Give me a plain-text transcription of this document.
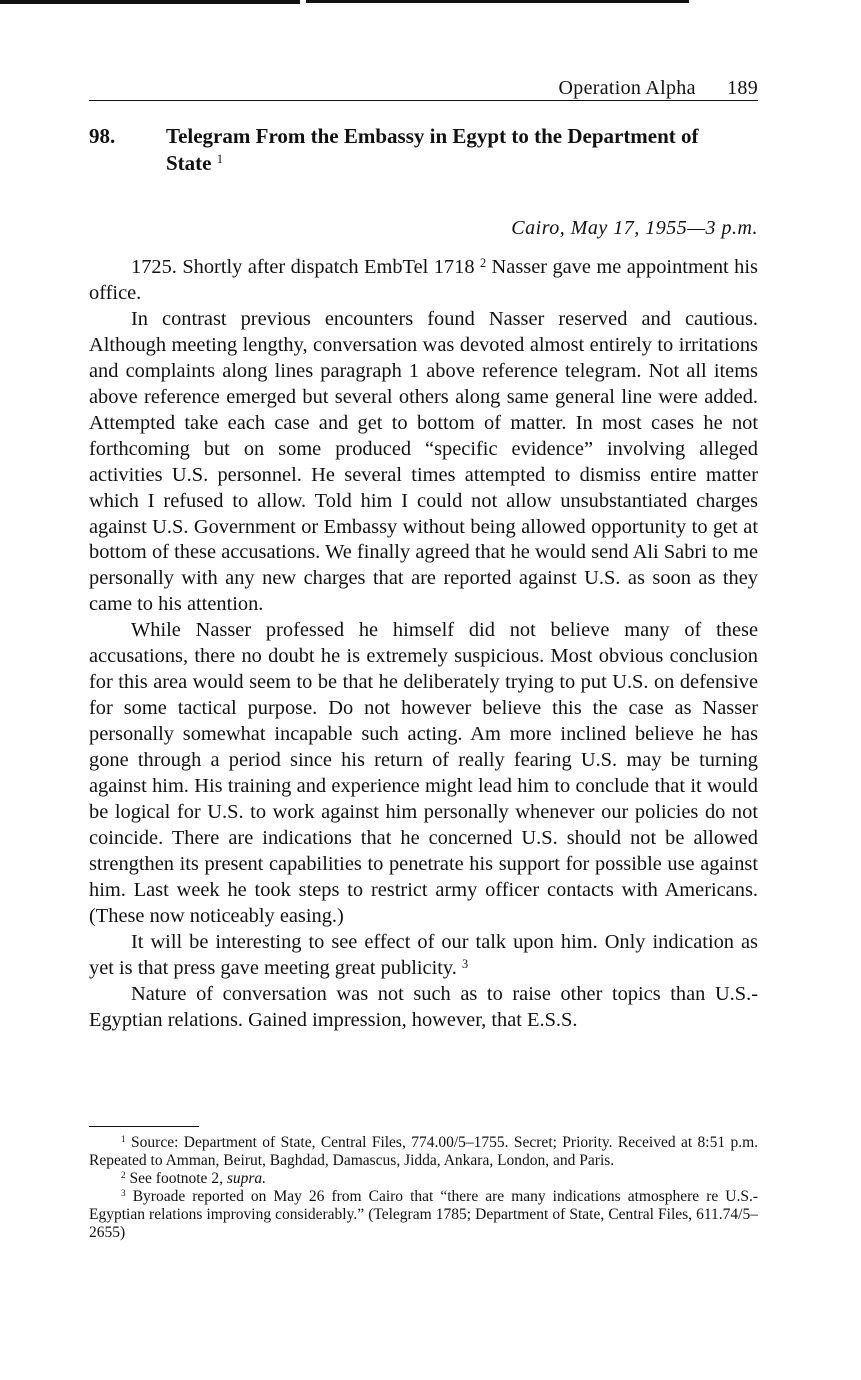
Operation Alpha 189
98. Telegram From the Embassy in Egypt to the Department of State $^1$
Cairo, May 17, 1955—3 p.m.

1725. Shortly after dispatch EmbTel 1718 $^2$ Nasser gave me appointment his office.

In contrast previous encounters found Nasser reserved and cautious. Although meeting lengthy, conversation was devoted almost entirely to irritations and complaints along lines paragraph 1 above reference telegram. Not all items above reference emerged but several others along same general line were added. Attempted take each case and get to bottom of matter. In most cases he not forthcoming but on some produced “specific evidence” involving alleged activities U.S. personnel. He several times attempted to dismiss entire matter which I refused to allow. Told him I could not allow unsubstantiated charges against U.S. Government or Embassy without being allowed opportunity to get at bottom of these accusations. We finally agreed that he would send Ali Sabri to me personally with any new charges that are reported against U.S. as soon as they came to his attention.

While Nasser professed he himself did not believe many of these accusations, there no doubt he is extremely suspicious. Most obvious conclusion for this area would seem to be that he deliberately trying to put U.S. on defensive for some tactical purpose. Do not however believe this the case as Nasser personally somewhat incapable such acting. Am more inclined believe he has gone through a period since his return of really fearing U.S. may be turning against him. His training and experience might lead him to conclude that it would be logical for U.S. to work against him personally whenever our policies do not coincide. There are indications that he concerned U.S. should not be allowed strengthen its present capabilities to penetrate his support for possible use against him. Last week he took steps to restrict army officer contacts with Americans. (These now noticeably easing.)

It will be interesting to see effect of our talk upon him. Only indication as yet is that press gave meeting great publicity. $^3$

Nature of conversation was not such as to raise other topics than U.S.-Egyptian relations. Gained impression, however, that E.S.S.

$^1$ Source: Department of State, Central Files, 774.00/5–1755. Secret; Priority. Received at 8:51 p.m. Repeated to Amman, Beirut, Baghdad, Damascus, Jidda, Ankara, London, and Paris.

$^2$ See footnote 2, supra.

$^3$ Byroade reported on May 26 from Cairo that “there are many indications atmosphere re U.S.-Egyptian relations improving considerably.” (Telegram 1785; Department of State, Central Files, 611.74/5–2655)
